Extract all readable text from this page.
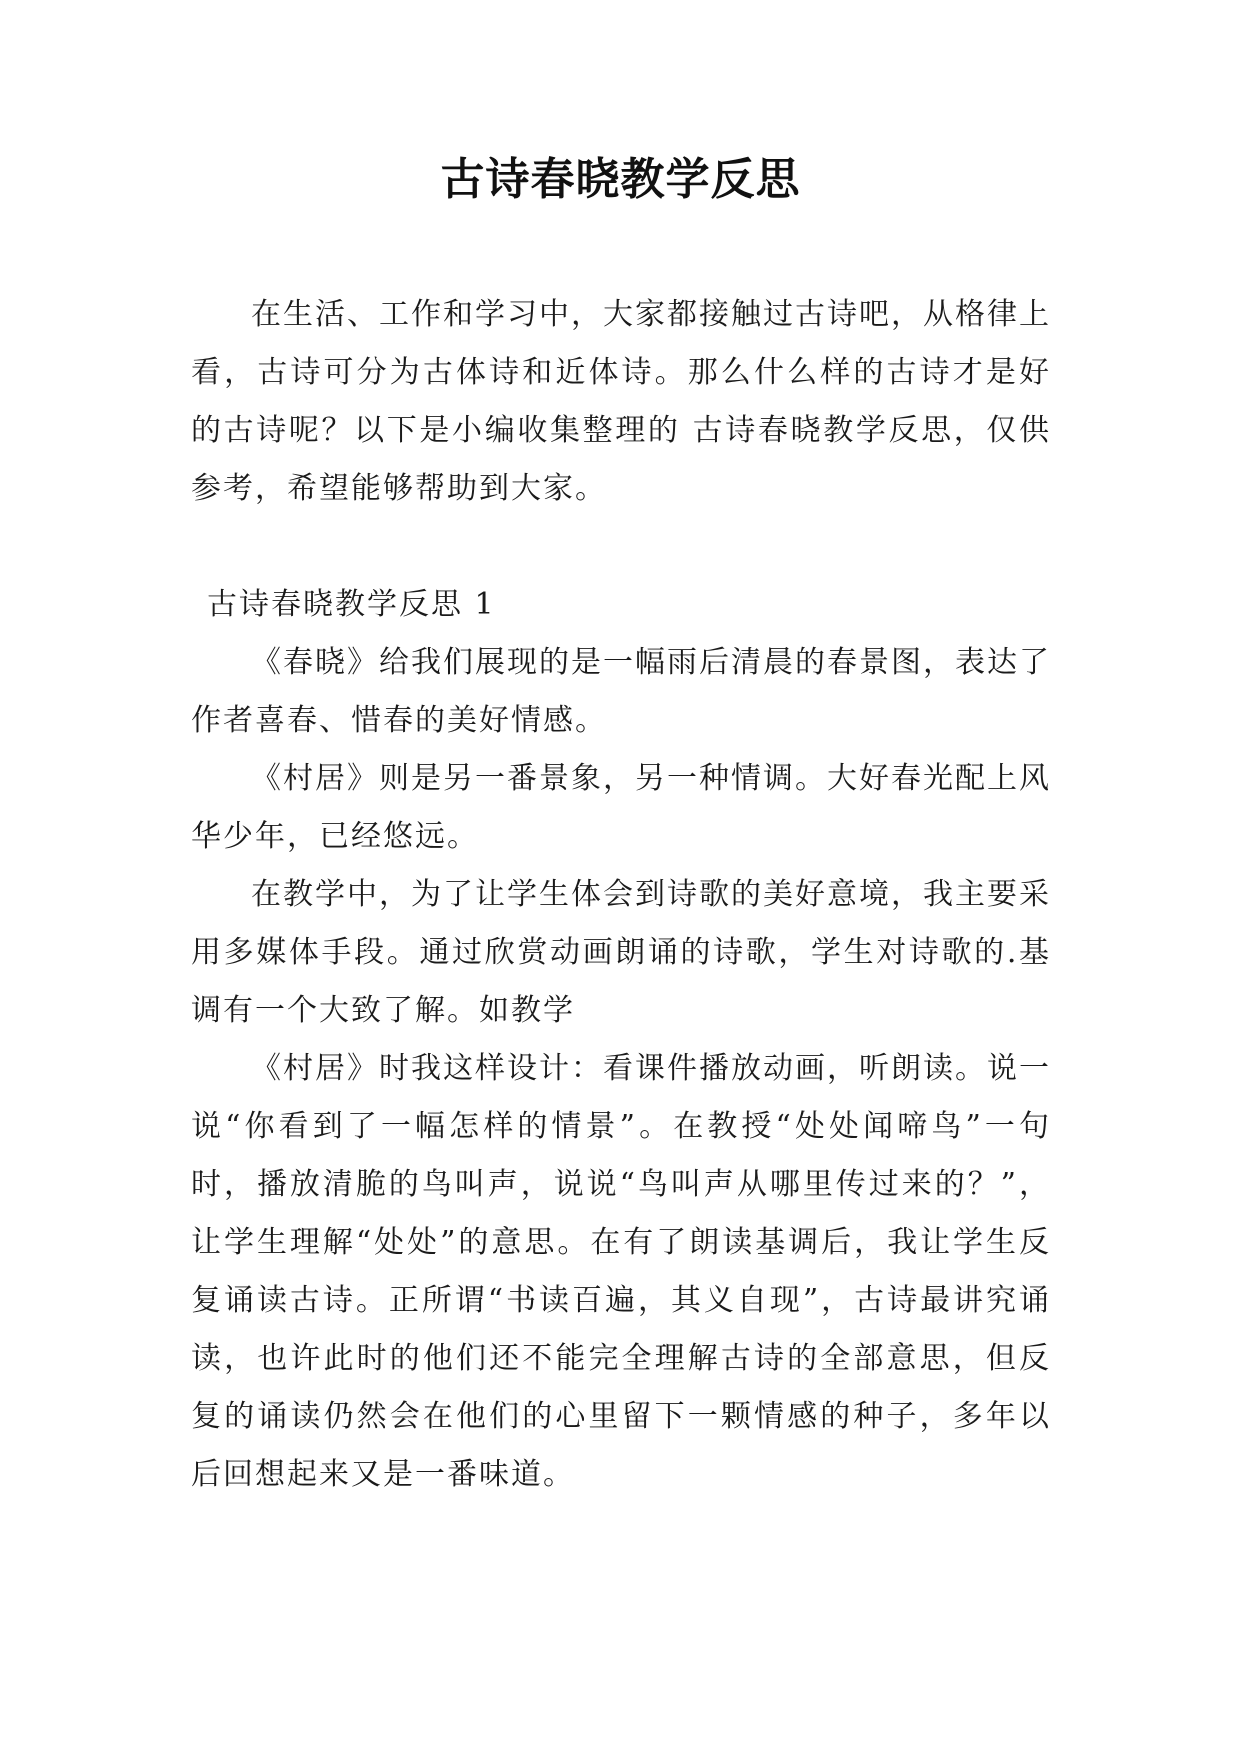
古诗春晓教学反思

在生活、工作和学习中，大家都接触过古诗吧，从格律上看，古诗可分为古体诗和近体诗。那么什么样的古诗才是好的古诗呢？以下是小编收集整理的 古诗春晓教学反思，仅供参考，希望能够帮助到大家。

古诗春晓教学反思 1

《春晓》给我们展现的是一幅雨后清晨的春景图，表达了作者喜春、惜春的美好情感。

《村居》则是另一番景象，另一种情调。大好春光配上风华少年，已经悠远。

在教学中，为了让学生体会到诗歌的美好意境，我主要采用多媒体手段。通过欣赏动画朗诵的诗歌，学生对诗歌的.基调有一个大致了解。如教学

《村居》时我这样设计：看课件播放动画，听朗读。说一说“你看到了一幅怎样的情景”。在教授“处处闻啼鸟”一句时，播放清脆的鸟叫声，说说“鸟叫声从哪里传过来的？”，让学生理解“处处”的意思。在有了朗读基调后，我让学生反复诵读古诗。正所谓“书读百遍，其义自现”，古诗最讲究诵读，也许此时的他们还不能完全理解古诗的全部意思，但反复的诵读仍然会在他们的心里留下一颗情感的种子，多年以后回想起来又是一番味道。
